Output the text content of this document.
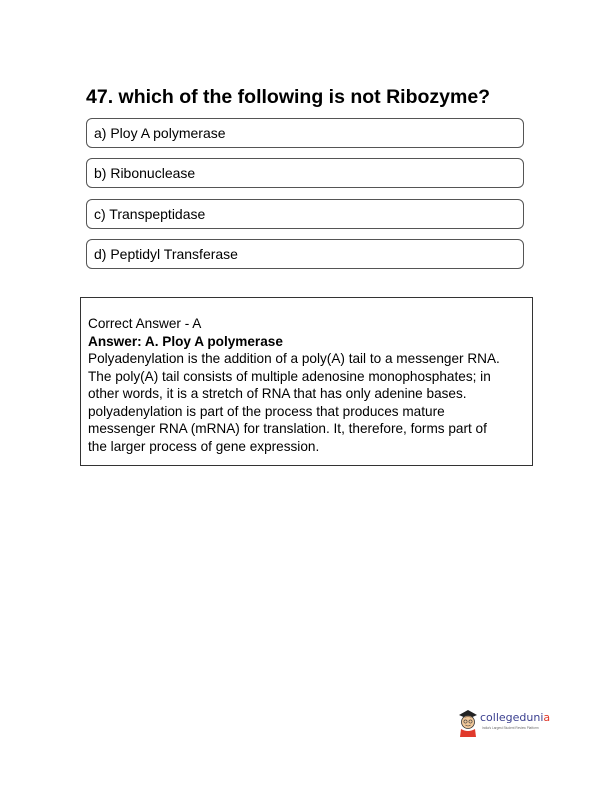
47. which of the following is not Ribozyme?
a) Ploy A polymerase
b) Ribonuclease
c) Transpeptidase
d) Peptidyl Transferase
Correct Answer - A
Answer: A. Ploy A polymerase
Polyadenylation is the addition of a poly(A) tail to a messenger RNA.
The poly(A) tail consists of multiple adenosine monophosphates; in
other words, it is a stretch of RNA that has only adenine bases.
polyadenylation is part of the process that produces mature
messenger RNA (mRNA) for translation. It, therefore, forms part of
the larger process of gene expression.
collegedunia
India's Largest Student Review Platform
